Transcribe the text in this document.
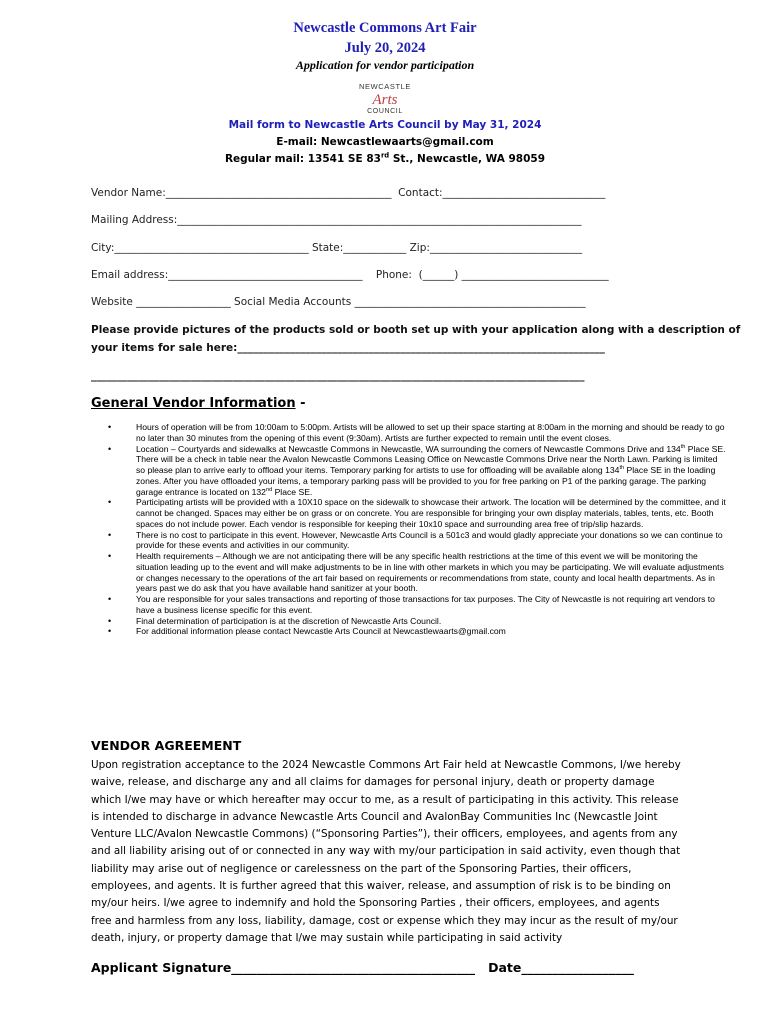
Newcastle Commons Art Fair
July 20, 2024
Application for vendor participation
NEWCASTLE
Arts
COUNCIL
Mail form to Newcastle Arts Council by May 31, 2024
E-mail: Newcastlewaarts@gmail.com
Regular mail: 13541 SE 83rd St., Newcastle, WA 98059
Vendor Name:___________________________________________  Contact:_______________________________
Mailing Address:_____________________________________________________________________________
City:_____________________________________ State:____________ Zip:_____________________________
Email address:_____________________________________    Phone:  (______) ____________________________
Website __________________ Social Media Accounts ____________________________________________
Please provide pictures of the products sold or booth set up with your application along with a description of
your items for sale here:______________________________________________________________________
______________________________________________________________________________________________
General Vendor Information -
• Hours of operation will be from 10:00am to 5:00pm. Artists will be allowed to set up their space starting at 8:00am in the morning and should be ready to go no later than 30 minutes from the opening of this event (9:30am). Artists are further expected to remain until the event closes.
• Location – Courtyards and sidewalks at Newcastle Commons in Newcastle, WA surrounding the corners of Newcastle Commons Drive and 134th Place SE. There will be a check in table near the Avalon Newcastle Commons Leasing Office on Newcastle Commons Drive near the North Lawn. Parking is limited so please plan to arrive early to offload your items. Temporary parking for artists to use for offloading will be available along 134th Place SE in the loading zones. After you have offloaded your items, a temporary parking pass will be provided to you for free parking on P1 of the parking garage. The parking garage entrance is located on 132nd Place SE.
• Participating artists will be provided with a 10X10 space on the sidewalk to showcase their artwork. The location will be determined by the committee, and it cannot be changed. Spaces may either be on grass or on concrete. You are responsible for bringing your own display materials, tables, tents, etc. Booth spaces do not include power. Each vendor is responsible for keeping their 10x10 space and surrounding area free of trip/slip hazards.
• There is no cost to participate in this event. However, Newcastle Arts Council is a 501c3 and would gladly appreciate your donations so we can continue to provide for these events and activities in our community.
• Health requirements – Although we are not anticipating there will be any specific health restrictions at the time of this event we will be monitoring the situation leading up to the event and will make adjustments to be in line with other markets in which you may be participating. We will evaluate adjustments or changes necessary to the operations of the art fair based on requirements or recommendations from state, county and local health departments. As in years past we do ask that you have available hand sanitizer at your booth.
• You are responsible for your sales transactions and reporting of those transactions for tax purposes. The City of Newcastle is not requiring art vendors to have a business license specific for this event.
• Final determination of participation is at the discretion of Newcastle Arts Council.
• For additional information please contact Newcastle Arts Council at Newcastlewaarts@gmail.com
VENDOR AGREEMENT
Upon registration acceptance to the 2024 Newcastle Commons Art Fair held at Newcastle Commons, I/we hereby waive, release, and discharge any and all claims for damages for personal injury, death or property damage which I/we may have or which hereafter may occur to me, as a result of participating in this activity. This release is intended to discharge in advance Newcastle Arts Council and AvalonBay Communities Inc (Newcastle Joint Venture LLC/Avalon Newcastle Commons) (“Sponsoring Parties”), their officers, employees, and agents from any and all liability arising out of or connected in any way with my/our participation in said activity, even though that liability may arise out of negligence or carelessness on the part of the Sponsoring Parties, their officers, employees, and agents. It is further agreed that this waiver, release, and assumption of risk is to be binding on my/our heirs. I/we agree to indemnify and hold the Sponsoring Parties , their officers, employees, and agents free and harmless from any loss, liability, damage, cost or expense which they may incur as the result of my/our death, injury, or property damage that I/we may sustain while participating in said activity
Applicant Signature_______________________________________   Date__________________
